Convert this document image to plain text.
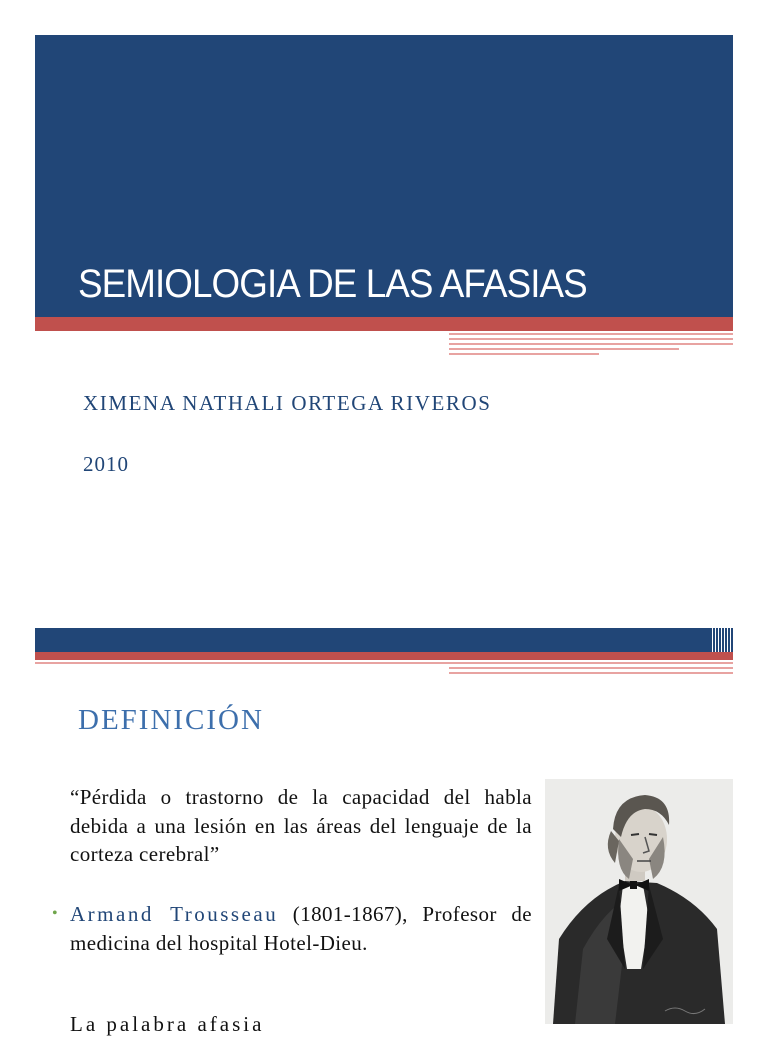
SEMIOLOGIA DE LAS AFASIAS
XIMENA NATHALI ORTEGA RIVEROS
2010
DEFINICIÓN
“Pérdida o trastorno de la capacidad del habla debida a una lesión en las áreas del lenguaje de la corteza cerebral”
• Armand Trousseau (1801-1867), Profesor de medicina del hospital Hotel-Dieu.
La palabra afasia
